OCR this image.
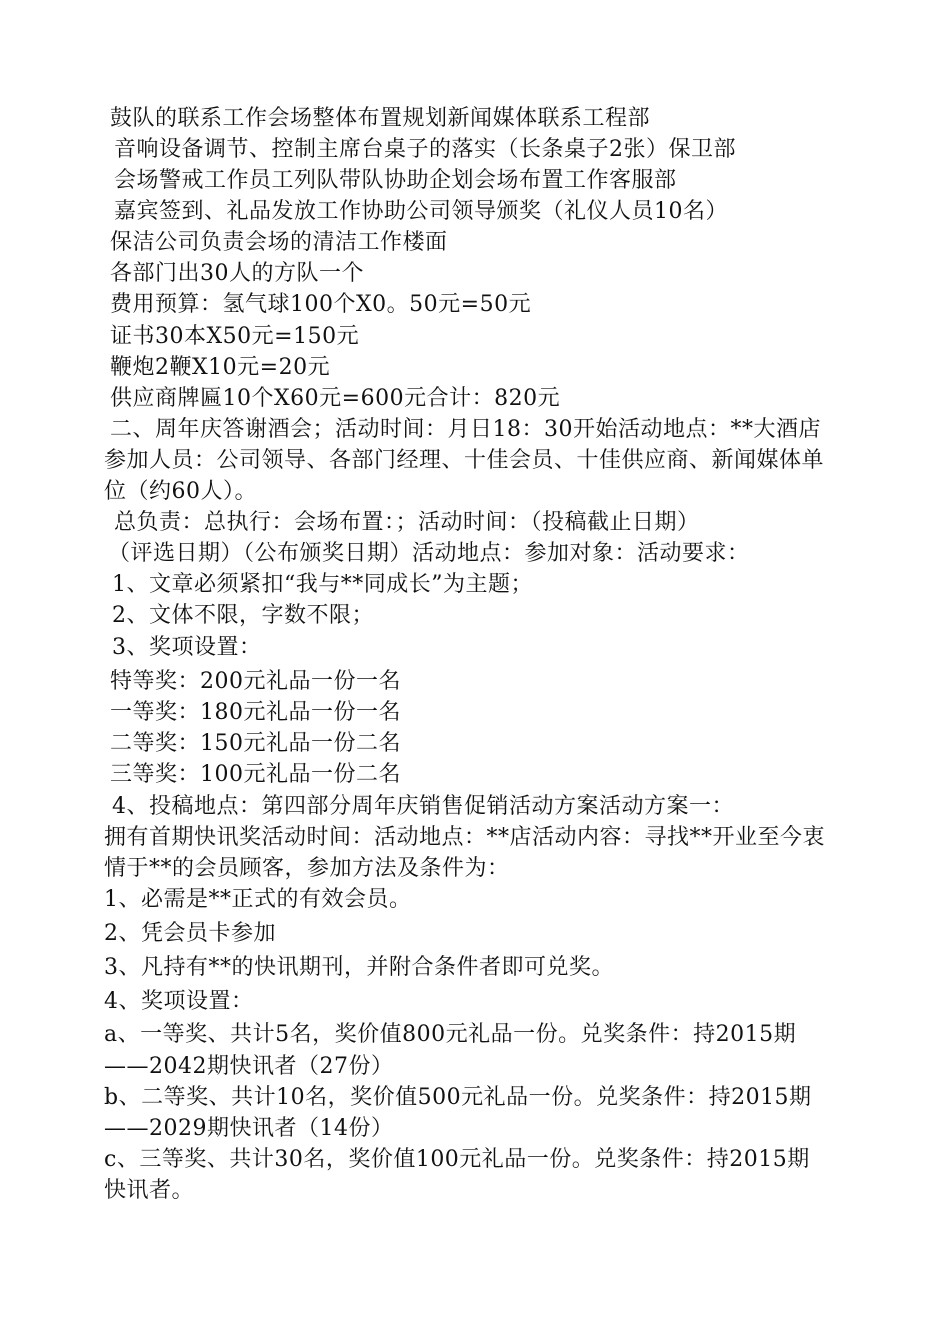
鼓队的联系工作会场整体布置规划新闻媒体联系工程部
音响设备调节、控制主席台桌子的落实（长条桌子2张）保卫部
会场警戒工作员工列队带队协助企划会场布置工作客服部
嘉宾签到、礼品发放工作协助公司领导颁奖（礼仪人员10名）
保洁公司负责会场的清洁工作楼面
各部门出30人的方队一个
费用预算：氢气球100个X0。50元=50元
证书30本X50元=150元
鞭炮2鞭X10元=20元
供应商牌匾10个X60元=600元合计：820元
二、周年庆答谢酒会；活动时间：月日18：30开始活动地点：**大酒店
参加人员：公司领导、各部门经理、十佳会员、十佳供应商、新闻媒体单
位（约60人）。
总负责：总执行：会场布置：；活动时间：（投稿截止日期）
（评选日期）（公布颁奖日期）活动地点：参加对象：活动要求：
1、文章必须紧扣“我与**同成长”为主题；
2、文体不限，字数不限；
3、奖项设置：
特等奖：200元礼品一份一名
一等奖：180元礼品一份一名
二等奖：150元礼品一份二名
三等奖：100元礼品一份二名
4、投稿地点：第四部分周年庆销售促销活动方案活动方案一：
拥有首期快讯奖活动时间：活动地点：**店活动内容：寻找**开业至今衷
情于**的会员顾客，参加方法及条件为：
1、必需是**正式的有效会员。
2、凭会员卡参加
3、凡持有**的快讯期刊，并附合条件者即可兑奖。
4、奖项设置：
a、一等奖、共计5名，奖价值800元礼品一份。兑奖条件：持2015期
——2042期快讯者（27份）
b、二等奖、共计10名，奖价值500元礼品一份。兑奖条件：持2015期
——2029期快讯者（14份）
c、三等奖、共计30名，奖价值100元礼品一份。兑奖条件：持2015期
快讯者。
